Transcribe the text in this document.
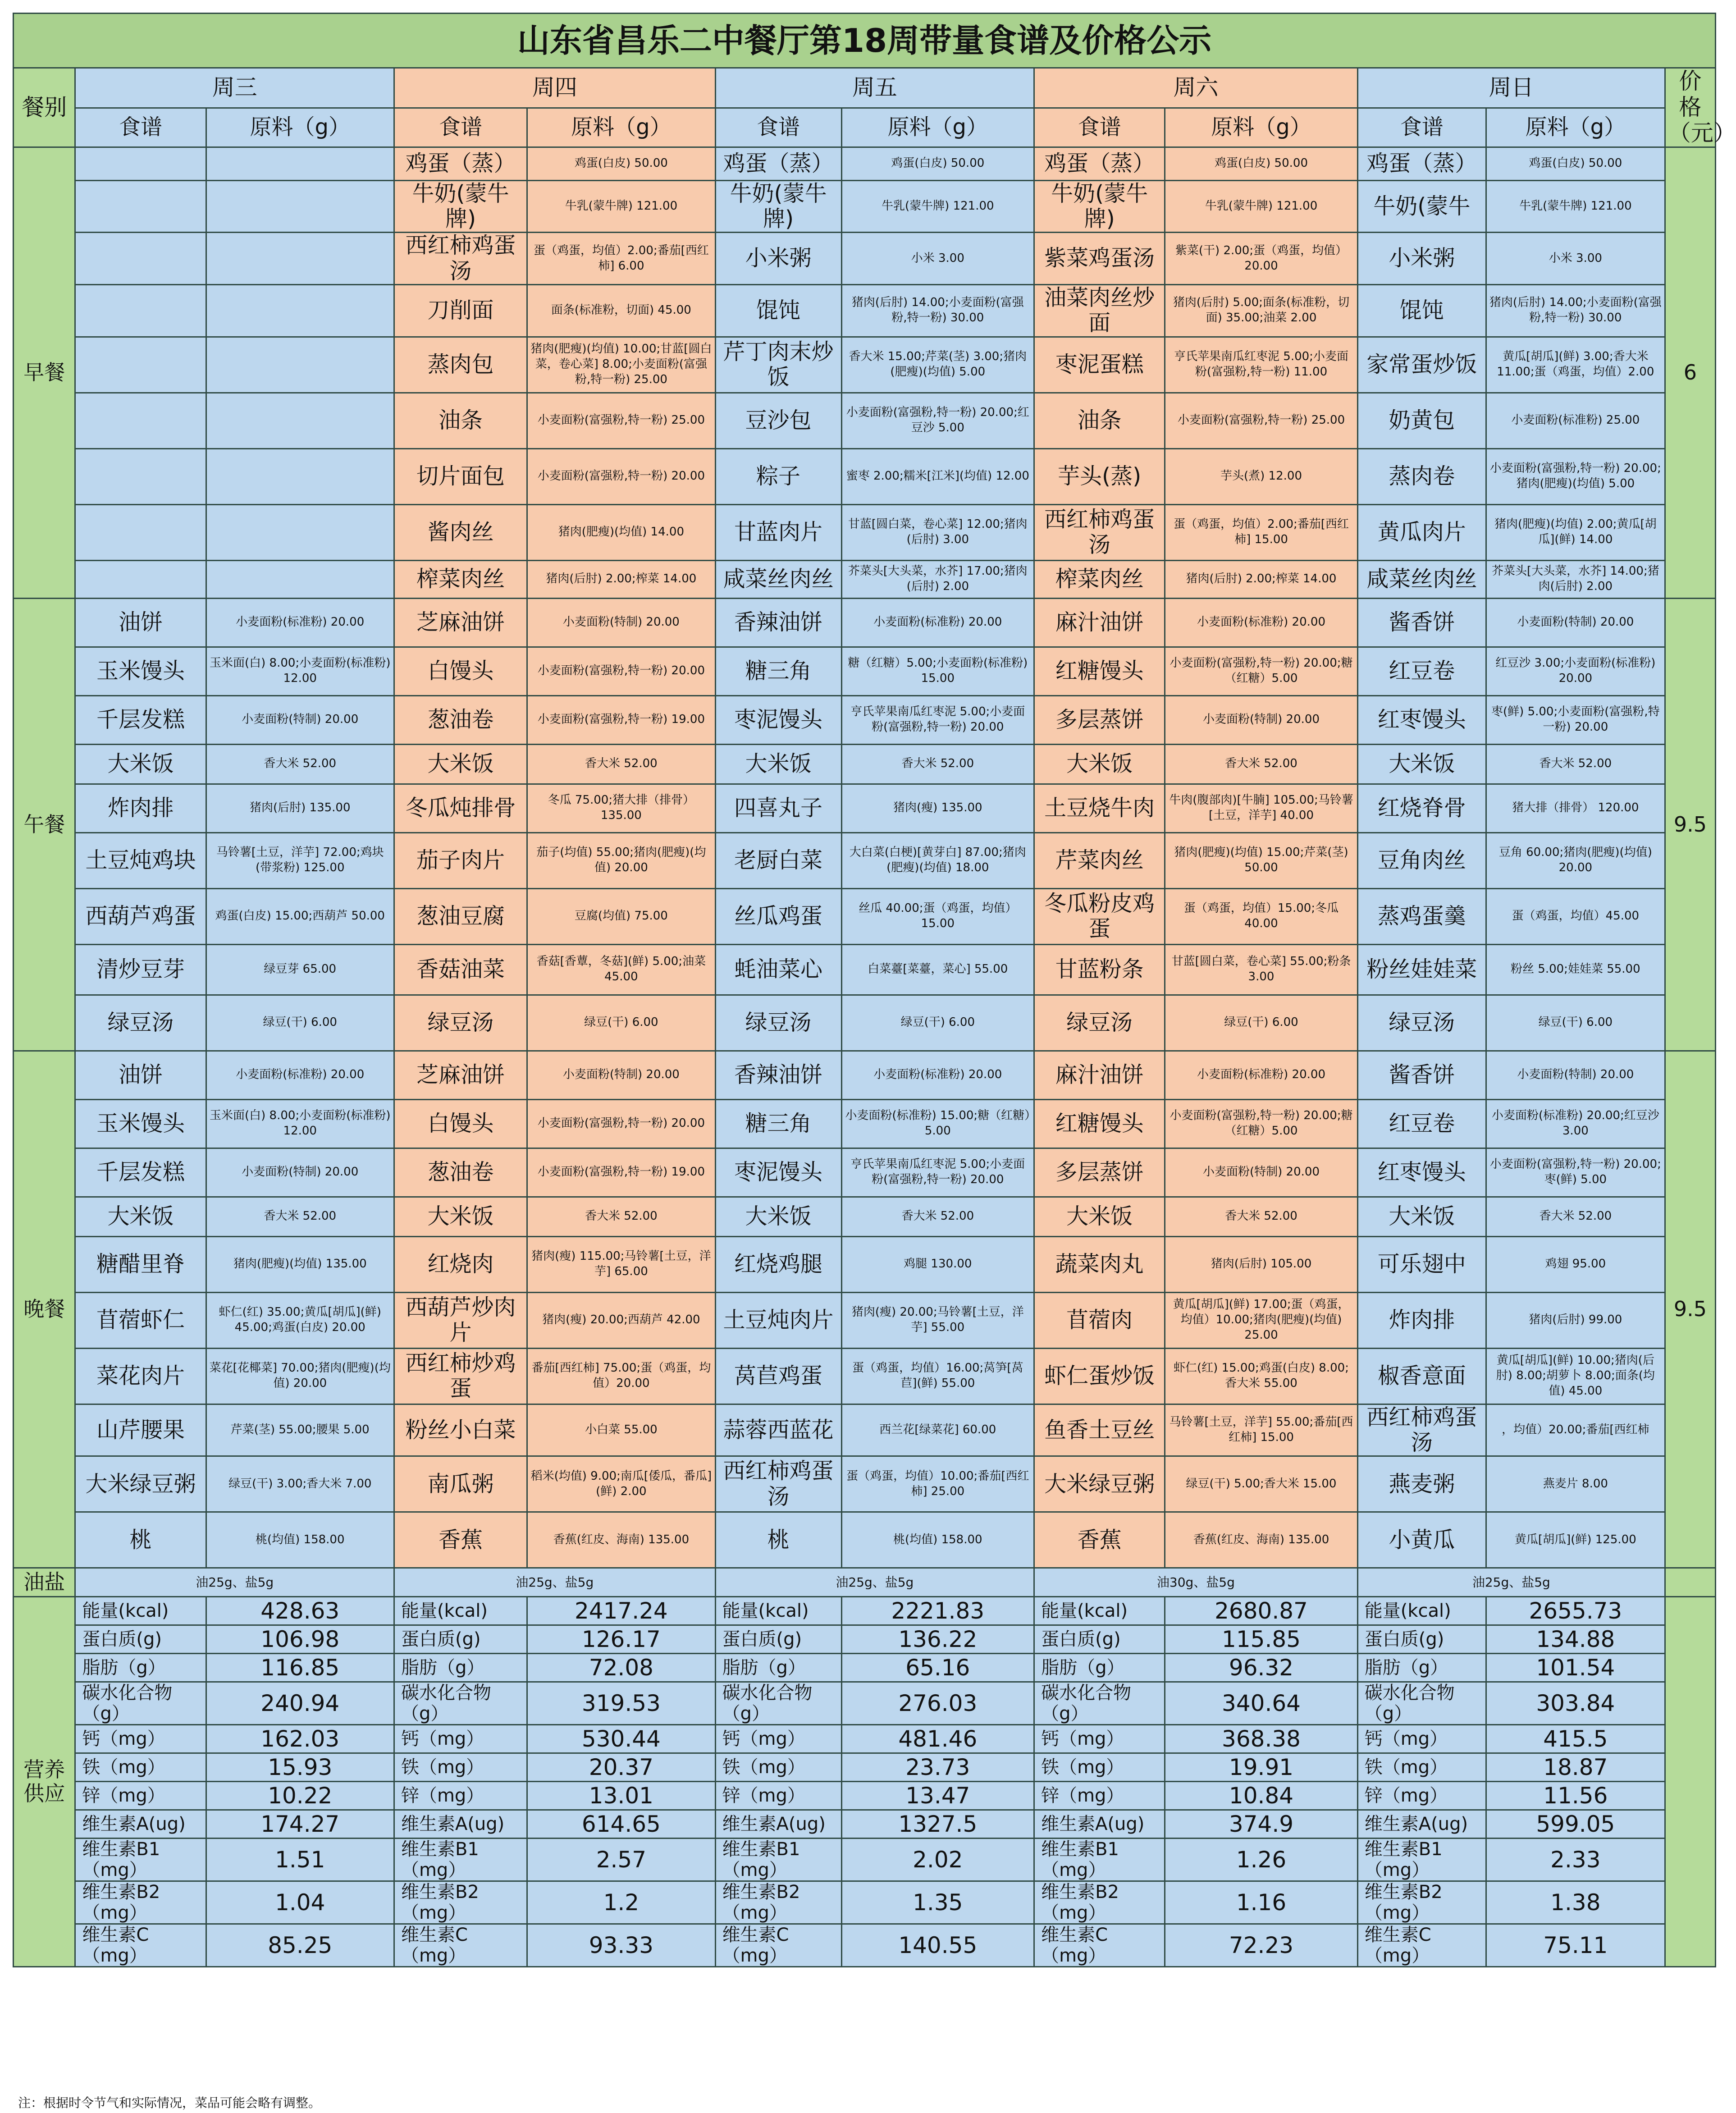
山东省昌乐二中餐厅第18周带量食谱及价格公示											
餐别	周三		周四		周五		周六		周日		价格
（元）
	食谱	原料（g）	食谱	原料（g）	食谱	原料（g）	食谱	原料（g）	食谱	原料（g）	
早餐			鸡蛋（蒸）	鸡蛋(白皮) 50.00	鸡蛋（蒸）	鸡蛋(白皮) 50.00	鸡蛋（蒸）	鸡蛋(白皮) 50.00	鸡蛋（蒸）	鸡蛋(白皮) 50.00	6
			牛奶(蒙牛牌)	牛乳(蒙牛牌) 121.00	牛奶(蒙牛牌)	牛乳(蒙牛牌) 121.00	牛奶(蒙牛牌)	牛乳(蒙牛牌) 121.00	牛奶(蒙牛	牛乳(蒙牛牌) 121.00	
			西红柿鸡蛋汤	蛋（鸡蛋，均值）2.00;番茄[西红柿] 6.00	小米粥	小米 3.00	紫菜鸡蛋汤	紫菜(干) 2.00;蛋（鸡蛋，均值）20.00	小米粥	小米 3.00	
			刀削面	面条(标准粉，切面) 45.00	馄饨	猪肉(后肘) 14.00;小麦面粉(富强粉,特一粉) 30.00	油菜肉丝炒面	猪肉(后肘) 5.00;面条(标准粉，切面) 35.00;油菜 2.00	馄饨	猪肉(后肘) 14.00;小麦面粉(富强粉,特一粉) 30.00	
			蒸肉包	猪肉(肥瘦)(均值) 10.00;甘蓝[圆白菜，卷心菜] 8.00;小麦面粉(富强粉,特一粉) 25.00	芹丁肉末炒饭	香大米 15.00;芹菜(茎) 3.00;猪肉(肥瘦)(均值) 5.00	枣泥蛋糕	亨氏苹果南瓜红枣泥 5.00;小麦面粉(富强粉,特一粉) 11.00	家常蛋炒饭	黄瓜[胡瓜](鲜) 3.00;香大米 11.00;蛋（鸡蛋，均值）2.00	
			油条	小麦面粉(富强粉,特一粉) 25.00	豆沙包	小麦面粉(富强粉,特一粉) 20.00;红豆沙 5.00	油条	小麦面粉(富强粉,特一粉) 25.00	奶黄包	小麦面粉(标准粉) 25.00	
			切片面包	小麦面粉(富强粉,特一粉) 20.00	粽子	蜜枣 2.00;糯米[江米](均值) 12.00	芋头(蒸)	芋头(煮) 12.00	蒸肉卷	小麦面粉(富强粉,特一粉) 20.00;猪肉(肥瘦)(均值) 5.00	
			酱肉丝	猪肉(肥瘦)(均值) 14.00	甘蓝肉片	甘蓝[圆白菜，卷心菜] 12.00;猪肉(后肘) 3.00	西红柿鸡蛋汤	蛋（鸡蛋，均值）2.00;番茄[西红柿] 15.00	黄瓜肉片	猪肉(肥瘦)(均值) 2.00;黄瓜[胡瓜](鲜) 14.00	
			榨菜肉丝	猪肉(后肘) 2.00;榨菜 14.00	咸菜丝肉丝	芥菜头[大头菜，水芥] 17.00;猪肉(后肘) 2.00	榨菜肉丝	猪肉(后肘) 2.00;榨菜 14.00	咸菜丝肉丝	芥菜头[大头菜，水芥] 14.00;猪肉(后肘) 2.00	
午餐	油饼	小麦面粉(标准粉) 20.00	芝麻油饼	小麦面粉(特制) 20.00	香辣油饼	小麦面粉(标准粉) 20.00	麻汁油饼	小麦面粉(标准粉) 20.00	酱香饼	小麦面粉(特制) 20.00	9.5
	玉米馒头	玉米面(白) 8.00;小麦面粉(标准粉) 12.00	白馒头	小麦面粉(富强粉,特一粉) 20.00	糖三角	糖（红糖）5.00;小麦面粉(标准粉) 15.00	红糖馒头	小麦面粉(富强粉,特一粉) 20.00;糖（红糖）5.00	红豆卷	红豆沙 3.00;小麦面粉(标准粉) 20.00	
	千层发糕	小麦面粉(特制) 20.00	葱油卷	小麦面粉(富强粉,特一粉) 19.00	枣泥馒头	亨氏苹果南瓜红枣泥 5.00;小麦面粉(富强粉,特一粉) 20.00	多层蒸饼	小麦面粉(特制) 20.00	红枣馒头	枣(鲜) 5.00;小麦面粉(富强粉,特一粉) 20.00	
	大米饭	香大米 52.00	大米饭	香大米 52.00	大米饭	香大米 52.00	大米饭	香大米 52.00	大米饭	香大米 52.00	
	炸肉排	猪肉(后肘) 135.00	冬瓜炖排骨	冬瓜 75.00;猪大排（排骨）135.00	四喜丸子	猪肉(瘦) 135.00	土豆烧牛肉	牛肉(腹部肉)[牛腩] 105.00;马铃薯[土豆，洋芋] 40.00	红烧脊骨	猪大排（排骨） 120.00	
	土豆炖鸡块	马铃薯[土豆，洋芋] 72.00;鸡块(带浆粉) 125.00	茄子肉片	茄子(均值) 55.00;猪肉(肥瘦)(均值) 20.00	老厨白菜	大白菜(白梗)[黄芽白] 87.00;猪肉(肥瘦)(均值) 18.00	芹菜肉丝	猪肉(肥瘦)(均值) 15.00;芹菜(茎) 50.00	豆角肉丝	豆角 60.00;猪肉(肥瘦)(均值) 20.00	
	西葫芦鸡蛋	鸡蛋(白皮) 15.00;西葫芦 50.00	葱油豆腐	豆腐(均值) 75.00	丝瓜鸡蛋	丝瓜 40.00;蛋（鸡蛋，均值）15.00	冬瓜粉皮鸡蛋	蛋（鸡蛋，均值）15.00;冬瓜 40.00	蒸鸡蛋羹	蛋（鸡蛋，均值）45.00	
	清炒豆芽	绿豆芽 65.00	香菇油菜	香菇[香蕈，冬菇](鲜) 5.00;油菜 45.00	蚝油菜心	白菜薹[菜薹，菜心] 55.00	甘蓝粉条	甘蓝[圆白菜，卷心菜] 55.00;粉条 3.00	粉丝娃娃菜	粉丝 5.00;娃娃菜 55.00	
	绿豆汤	绿豆(干) 6.00	绿豆汤	绿豆(干) 6.00	绿豆汤	绿豆(干) 6.00	绿豆汤	绿豆(干) 6.00	绿豆汤	绿豆(干) 6.00	
晚餐	油饼	小麦面粉(标准粉) 20.00	芝麻油饼	小麦面粉(特制) 20.00	香辣油饼	小麦面粉(标准粉) 20.00	麻汁油饼	小麦面粉(标准粉) 20.00	酱香饼	小麦面粉(特制) 20.00	9.5
	玉米馒头	玉米面(白) 8.00;小麦面粉(标准粉) 12.00	白馒头	小麦面粉(富强粉,特一粉) 20.00	糖三角	小麦面粉(标准粉) 15.00;糖（红糖）5.00	红糖馒头	小麦面粉(富强粉,特一粉) 20.00;糖（红糖）5.00	红豆卷	小麦面粉(标准粉) 20.00;红豆沙 3.00	
	千层发糕	小麦面粉(特制) 20.00	葱油卷	小麦面粉(富强粉,特一粉) 19.00	枣泥馒头	亨氏苹果南瓜红枣泥 5.00;小麦面粉(富强粉,特一粉) 20.00	多层蒸饼	小麦面粉(特制) 20.00	红枣馒头	小麦面粉(富强粉,特一粉) 20.00;枣(鲜) 5.00	
	大米饭	香大米 52.00	大米饭	香大米 52.00	大米饭	香大米 52.00	大米饭	香大米 52.00	大米饭	香大米 52.00	
	糖醋里脊	猪肉(肥瘦)(均值) 135.00	红烧肉	猪肉(瘦) 115.00;马铃薯[土豆，洋芋] 65.00	红烧鸡腿	鸡腿 130.00	蔬菜肉丸	猪肉(后肘) 105.00	可乐翅中	鸡翅 95.00	
	苜蓿虾仁	虾仁(红) 35.00;黄瓜[胡瓜](鲜) 45.00;鸡蛋(白皮) 20.00	西葫芦炒肉片	猪肉(瘦) 20.00;西葫芦 42.00	土豆炖肉片	猪肉(瘦) 20.00;马铃薯[土豆，洋芋] 55.00	苜蓿肉	黄瓜[胡瓜](鲜) 17.00;蛋（鸡蛋，均值）10.00;猪肉(肥瘦)(均值) 25.00	炸肉排	猪肉(后肘) 99.00	
	菜花肉片	菜花[花椰菜] 70.00;猪肉(肥瘦)(均值) 20.00	西红柿炒鸡蛋	番茄[西红柿] 75.00;蛋（鸡蛋，均值）20.00	莴苣鸡蛋	蛋（鸡蛋，均值）16.00;莴笋[莴苣](鲜) 55.00	虾仁蛋炒饭	虾仁(红) 15.00;鸡蛋(白皮) 8.00;香大米 55.00	椒香意面	黄瓜[胡瓜](鲜) 10.00;猪肉(后肘) 8.00;胡萝卜 8.00;面条(均值) 45.00	
	山芹腰果	芹菜(茎) 55.00;腰果 5.00	粉丝小白菜	小白菜 55.00	蒜蓉西蓝花	西兰花[绿菜花] 60.00	鱼香土豆丝	马铃薯[土豆，洋芋] 55.00;番茄[西红柿] 15.00	西红柿鸡蛋汤	，均值）20.00;番茄[西红柿	
	大米绿豆粥	绿豆(干) 3.00;香大米 7.00	南瓜粥	稻米(均值) 9.00;南瓜[倭瓜，番瓜](鲜) 2.00	西红柿鸡蛋汤	蛋（鸡蛋，均值）10.00;番茄[西红柿] 25.00	大米绿豆粥	绿豆(干) 5.00;香大米 15.00	燕麦粥	燕麦片 8.00	
	桃	桃(均值) 158.00	香蕉	香蕉(红皮、海南) 135.00	桃	桃(均值) 158.00	香蕉	香蕉(红皮、海南) 135.00	小黄瓜	黄瓜[胡瓜](鲜) 125.00	
油盐	油25g、盐5g		油25g、盐5g		油25g、盐5g		油30g、盐5g		油25g、盐5g		
营养
供应	能量(kcal)	428.63	能量(kcal)	2417.24	能量(kcal)	2221.83	能量(kcal)	2680.87	能量(kcal)	2655.73	
	蛋白质(g)	106.98	蛋白质(g)	126.17	蛋白质(g)	136.22	蛋白质(g)	115.85	蛋白质(g)	134.88	
	脂肪（g）	116.85	脂肪（g）	72.08	脂肪（g）	65.16	脂肪（g）	96.32	脂肪（g）	101.54	
	碳水化合物（g）	240.94	碳水化合物（g）	319.53	碳水化合物（g）	276.03	碳水化合物（g）	340.64	碳水化合物（g）	303.84	
	钙（mg）	162.03	钙（mg）	530.44	钙（mg）	481.46	钙（mg）	368.38	钙（mg）	415.5	
	铁（mg）	15.93	铁（mg）	20.37	铁（mg）	23.73	铁（mg）	19.91	铁（mg）	18.87	
	锌（mg）	10.22	锌（mg）	13.01	锌（mg）	13.47	锌（mg）	10.84	锌（mg）	11.56	
	维生素A(ug)	174.27	维生素A(ug)	614.65	维生素A(ug)	1327.5	维生素A(ug)	374.9	维生素A(ug)	599.05	
	维生素B1（mg）	1.51	维生素B1（mg）	2.57	维生素B1（mg）	2.02	维生素B1（mg）	1.26	维生素B1（mg）	2.33	
	维生素B2（mg）	1.04	维生素B2（mg）	1.2	维生素B2（mg）	1.35	维生素B2（mg）	1.16	维生素B2（mg）	1.38	
	维生素C（mg）	85.25	维生素C（mg）	93.33	维生素C（mg）	140.55	维生素C（mg）	72.23	维生素C（mg）	75.11	
注：根据时令节气和实际情况，菜品可能会略有调整。
